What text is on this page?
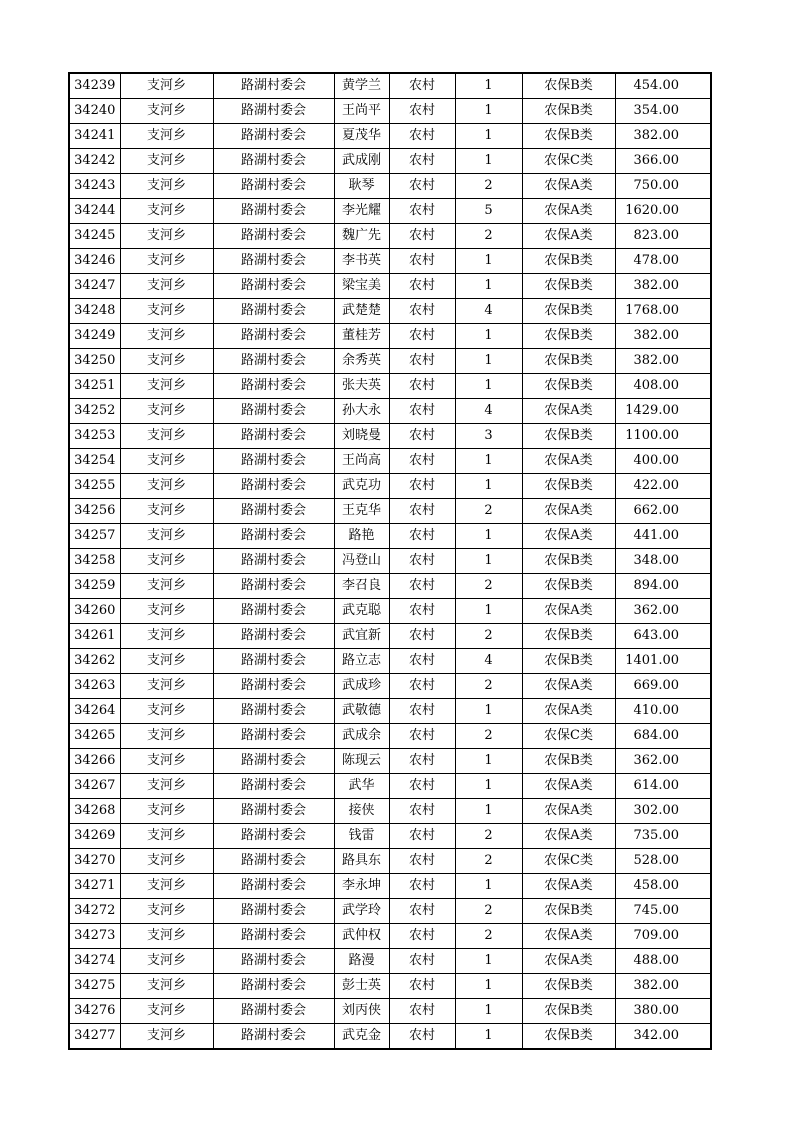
34239	支河乡	路湖村委会	黄学兰	农村	1	农保B类	454.00
34240	支河乡	路湖村委会	王尚平	农村	1	农保B类	354.00
34241	支河乡	路湖村委会	夏茂华	农村	1	农保B类	382.00
34242	支河乡	路湖村委会	武成刚	农村	1	农保C类	366.00
34243	支河乡	路湖村委会	耿琴	农村	2	农保A类	750.00
34244	支河乡	路湖村委会	李光耀	农村	5	农保A类	1620.00
34245	支河乡	路湖村委会	魏广先	农村	2	农保A类	823.00
34246	支河乡	路湖村委会	李书英	农村	1	农保B类	478.00
34247	支河乡	路湖村委会	梁宝美	农村	1	农保B类	382.00
34248	支河乡	路湖村委会	武楚楚	农村	4	农保B类	1768.00
34249	支河乡	路湖村委会	董桂芳	农村	1	农保B类	382.00
34250	支河乡	路湖村委会	余秀英	农村	1	农保B类	382.00
34251	支河乡	路湖村委会	张夫英	农村	1	农保B类	408.00
34252	支河乡	路湖村委会	孙大永	农村	4	农保A类	1429.00
34253	支河乡	路湖村委会	刘晓曼	农村	3	农保B类	1100.00
34254	支河乡	路湖村委会	王尚高	农村	1	农保A类	400.00
34255	支河乡	路湖村委会	武克功	农村	1	农保B类	422.00
34256	支河乡	路湖村委会	王克华	农村	2	农保A类	662.00
34257	支河乡	路湖村委会	路艳	农村	1	农保A类	441.00
34258	支河乡	路湖村委会	冯登山	农村	1	农保B类	348.00
34259	支河乡	路湖村委会	李召良	农村	2	农保B类	894.00
34260	支河乡	路湖村委会	武克聪	农村	1	农保A类	362.00
34261	支河乡	路湖村委会	武宜新	农村	2	农保B类	643.00
34262	支河乡	路湖村委会	路立志	农村	4	农保B类	1401.00
34263	支河乡	路湖村委会	武成珍	农村	2	农保A类	669.00
34264	支河乡	路湖村委会	武敬德	农村	1	农保A类	410.00
34265	支河乡	路湖村委会	武成余	农村	2	农保C类	684.00
34266	支河乡	路湖村委会	陈现云	农村	1	农保B类	362.00
34267	支河乡	路湖村委会	武华	农村	1	农保A类	614.00
34268	支河乡	路湖村委会	接侠	农村	1	农保A类	302.00
34269	支河乡	路湖村委会	钱雷	农村	2	农保A类	735.00
34270	支河乡	路湖村委会	路具东	农村	2	农保C类	528.00
34271	支河乡	路湖村委会	李永坤	农村	1	农保A类	458.00
34272	支河乡	路湖村委会	武学玲	农村	2	农保B类	745.00
34273	支河乡	路湖村委会	武仲权	农村	2	农保A类	709.00
34274	支河乡	路湖村委会	路漫	农村	1	农保A类	488.00
34275	支河乡	路湖村委会	彭士英	农村	1	农保B类	382.00
34276	支河乡	路湖村委会	刘丙侠	农村	1	农保B类	380.00
34277	支河乡	路湖村委会	武克金	农村	1	农保B类	342.00
